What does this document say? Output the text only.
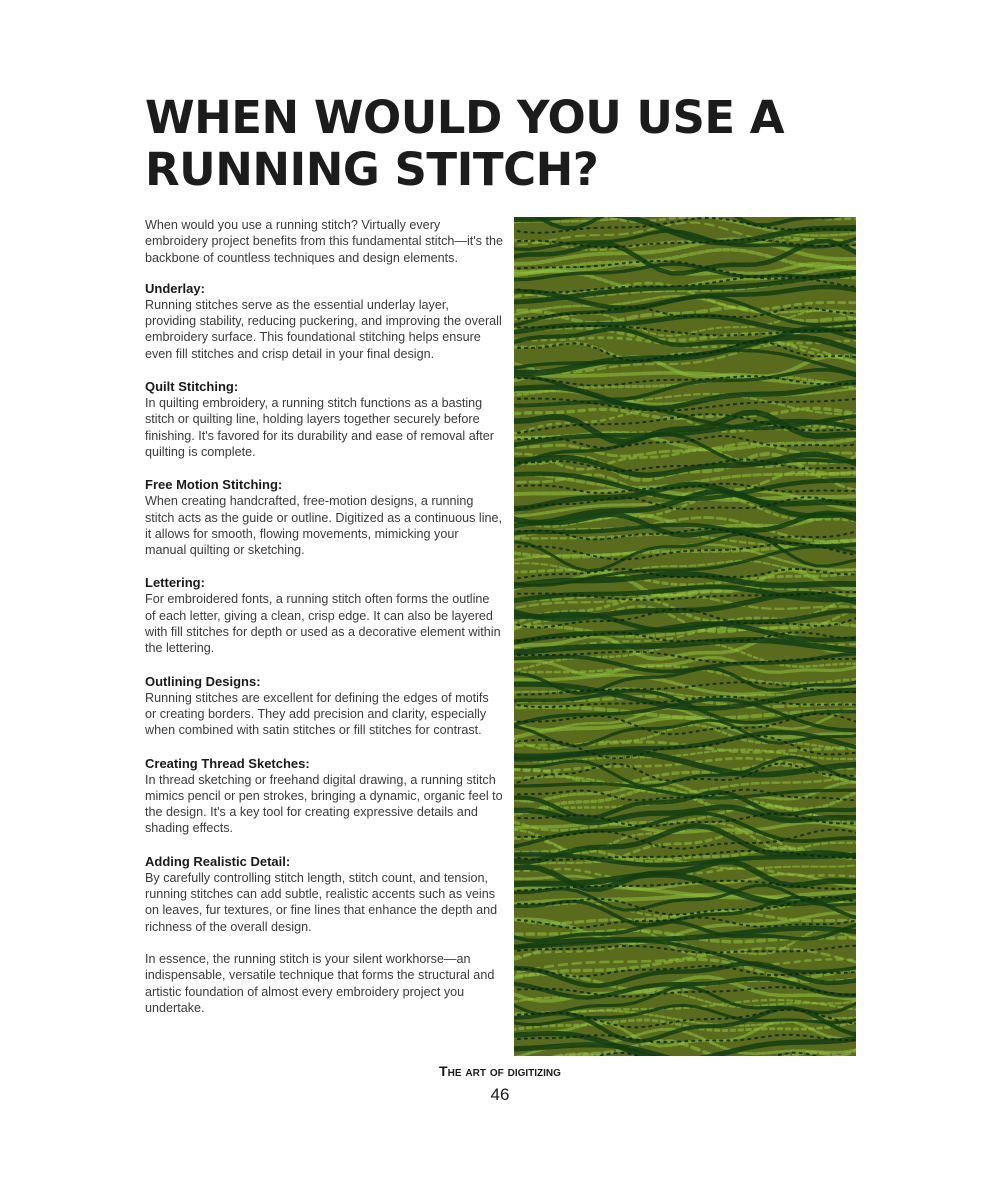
WHEN WOULD YOU USE A RUNNING STITCH?

When would you use a running stitch? Virtually every embroidery project benefits from this fundamental stitch—it's the backbone of countless techniques and design elements.

Underlay:

Running stitches serve as the essential underlay layer, providing stability, reducing puckering, and improving the overall embroidery surface. This foundational stitching helps ensure even fill stitches and crisp detail in your final design.

Quilt Stitching:

In quilting embroidery, a running stitch functions as a basting stitch or quilting line, holding layers together securely before finishing. It's favored for its durability and ease of removal after quilting is complete.

Free Motion Stitching:

When creating handcrafted, free-motion designs, a running stitch acts as the guide or outline. Digitized as a continuous line, it allows for smooth, flowing movements, mimicking your manual quilting or sketching.

Lettering:

For embroidered fonts, a running stitch often forms the outline of each letter, giving a clean, crisp edge. It can also be layered with fill stitches for depth or used as a decorative element within the lettering.

Outlining Designs:

Running stitches are excellent for defining the edges of motifs or creating borders. They add precision and clarity, especially when combined with satin stitches or fill stitches for contrast.

Creating Thread Sketches:

In thread sketching or freehand digital drawing, a running stitch mimics pencil or pen strokes, bringing a dynamic, organic feel to the design. It's a key tool for creating expressive details and shading effects.

Adding Realistic Detail:

By carefully controlling stitch length, stitch count, and tension, running stitches can add subtle, realistic accents such as veins on leaves, fur textures, or fine lines that enhance the depth and richness of the overall design.

In essence, the running stitch is your silent workhorse—an indispensable, versatile technique that forms the structural and artistic foundation of almost every embroidery project you undertake.

The art of digitizing
46
